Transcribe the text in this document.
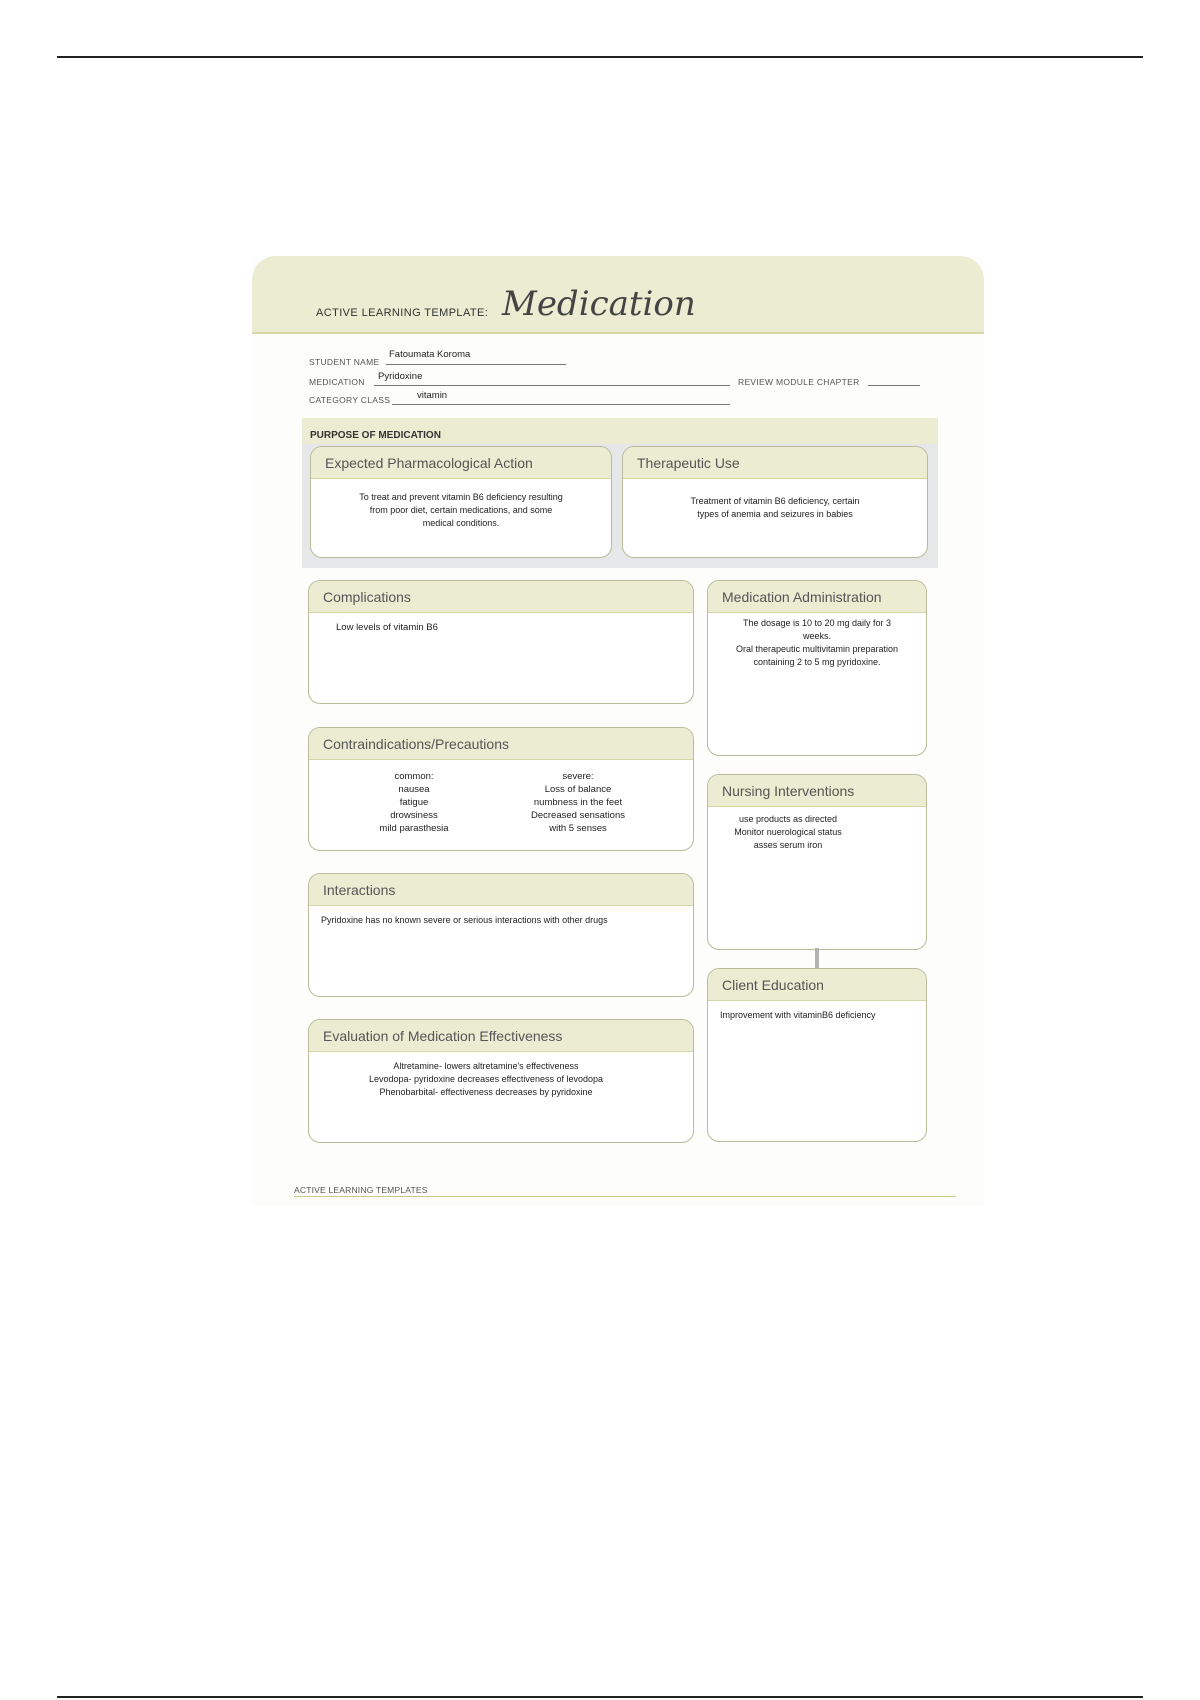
ACTIVE LEARNING TEMPLATE: Medication
STUDENT NAME
Fatoumata Koroma
MEDICATION Pyridoxine	REVIEW MODULE CHAPTER
CATEGORY CLASS	vitamin
PURPOSE OF MEDICATION
Expected Pharmacological Action
To treat and prevent vitamin B6 deficiency resulting
from poor diet, certain medications, and some
medical conditions.
Therapeutic Use
Treatment of vitamin B6 deficiency, certain
types of anemia and seizures in babies
Complications
Low levels of vitamin B6
Medication Administration
The dosage is 10 to 20 mg daily for 3
weeks.
Oral therapeutic multivitamin preparation
containing 2 to 5 mg pyridoxine.
Contraindications/Precautions
common:
nausea
fatigue
drowsiness
mild parasthesia
severe:
Loss of balance
numbness in the feet
Decreased sensations
with 5 senses
Nursing Interventions
use products as directed
Monitor nuerological status
asses serum iron
Interactions
Pyridoxine has no known severe or serious interactions with other drugs
Client Education
Improvement with vitaminB6 deficiency
Evaluation of Medication Effectiveness
Altretamine- lowers altretamine's effectiveness
Levodopa- pyridoxine decreases effectiveness of levodopa
Phenobarbital- effectiveness decreases by pyridoxine
ACTIVE LEARNING TEMPLATES
